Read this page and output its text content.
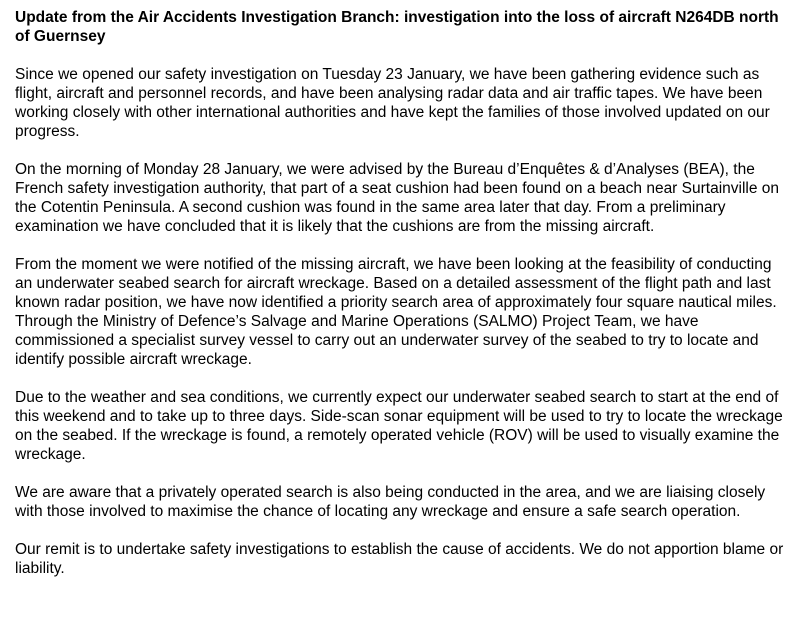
Update from the Air Accidents Investigation Branch: investigation into the loss of aircraft N264DB north of Guernsey

Since we opened our safety investigation on Tuesday 23 January, we have been gathering evidence such as flight, aircraft and personnel records, and have been analysing radar data and air traffic tapes. We have been working closely with other international authorities and have kept the families of those involved updated on our progress.

On the morning of Monday 28 January, we were advised by the Bureau d’Enquêtes & d’Analyses (BEA), the French safety investigation authority, that part of a seat cushion had been found on a beach near Surtainville on the Cotentin Peninsula. A second cushion was found in the same area later that day. From a preliminary examination we have concluded that it is likely that the cushions are from the missing aircraft.

From the moment we were notified of the missing aircraft, we have been looking at the feasibility of conducting an underwater seabed search for aircraft wreckage. Based on a detailed assessment of the flight path and last known radar position, we have now identified a priority search area of approximately four square nautical miles. Through the Ministry of Defence’s Salvage and Marine Operations (SALMO) Project Team, we have commissioned a specialist survey vessel to carry out an underwater survey of the seabed to try to locate and identify possible aircraft wreckage.

Due to the weather and sea conditions, we currently expect our underwater seabed search to start at the end of this weekend and to take up to three days. Side-scan sonar equipment will be used to try to locate the wreckage on the seabed. If the wreckage is found, a remotely operated vehicle (ROV) will be used to visually examine the wreckage.

We are aware that a privately operated search is also being conducted in the area, and we are liaising closely with those involved to maximise the chance of locating any wreckage and ensure a safe search operation.

Our remit is to undertake safety investigations to establish the cause of accidents. We do not apportion blame or liability.
